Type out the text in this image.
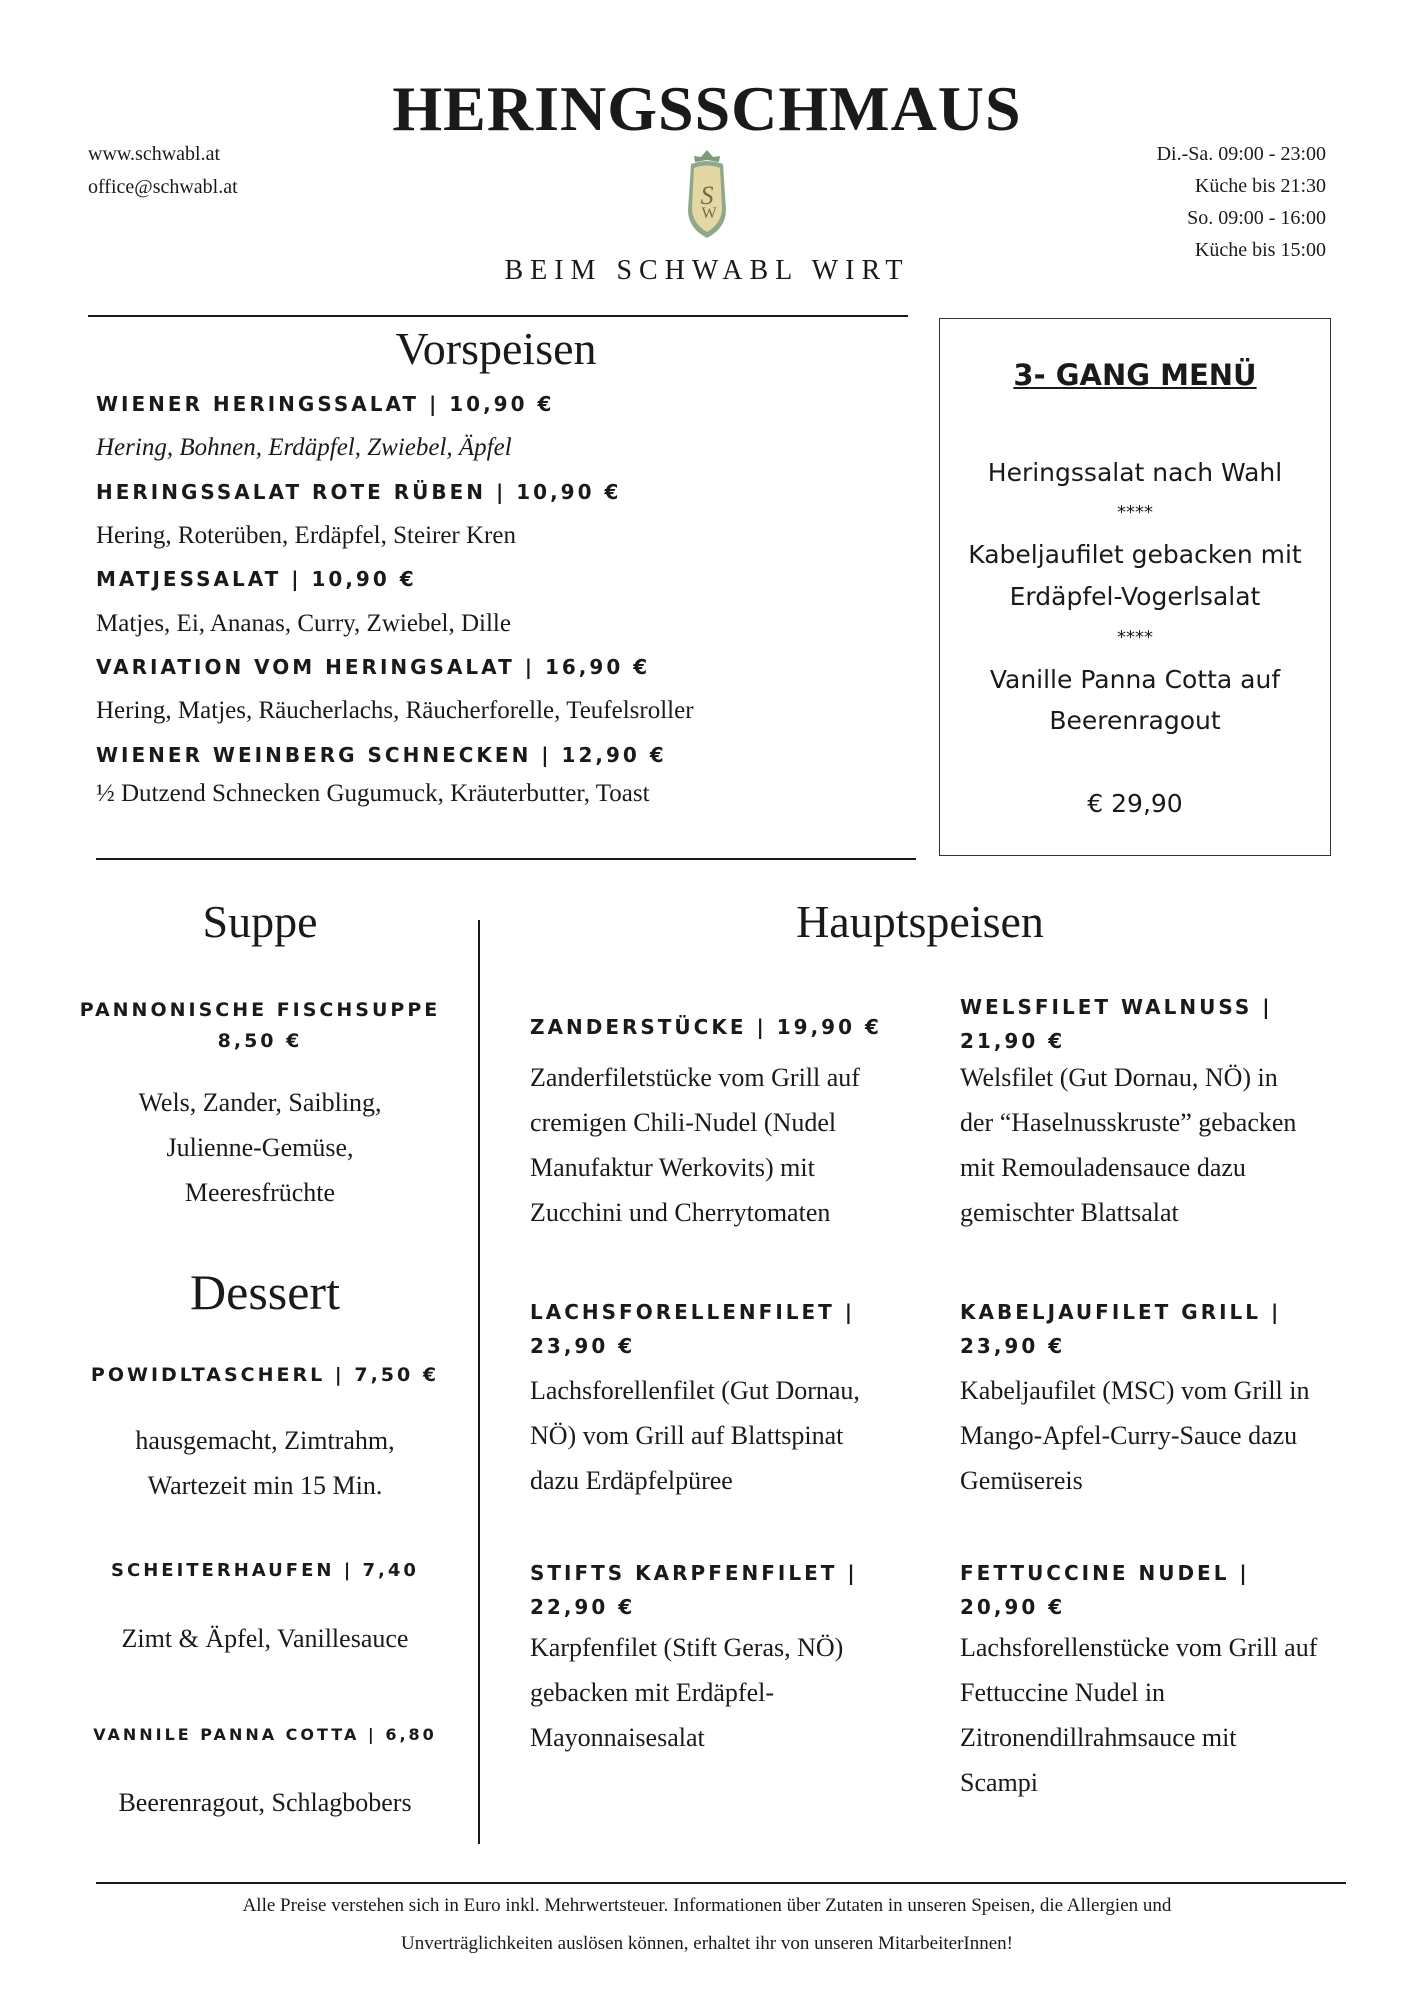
HERINGSSCHMAUS
www.schwabl.at
office@schwabl.at
Di.-Sa. 09:00 - 23:00
Küche bis 21:30
So. 09:00 - 16:00
Küche bis 15:00
S
W
BEIM SCHWABL WIRT
Vorspeisen
WIENER HERINGSSALAT | 10,90 €
Hering, Bohnen, Erdäpfel, Zwiebel, Äpfel
HERINGSSALAT ROTE RÜBEN | 10,90 €
Hering, Roterüben, Erdäpfel, Steirer Kren
MATJESSALAT | 10,90 €
Matjes, Ei, Ananas, Curry, Zwiebel, Dille
VARIATION VOM HERINGSALAT | 16,90 €
Hering, Matjes, Räucherlachs, Räucherforelle, Teufelsroller
WIENER WEINBERG SCHNECKEN | 12,90 €
½ Dutzend Schnecken Gugumuck, Kräuterbutter, Toast
3- GANG MENÜ
Heringssalat nach Wahl
****
Kabeljaufilet gebacken mit
Erdäpfel-Vogerlsalat
****
Vanille Panna Cotta auf
Beerenragout
€ 29,90
Suppe
PANNONISCHE FISCHSUPPE
8,50 €
Wels, Zander, Saibling,
Julienne-Gemüse,
Meeresfrüchte
Dessert
POWIDLTASCHERL | 7,50 €
hausgemacht, Zimtrahm,
Wartezeit min 15 Min.
SCHEITERHAUFEN | 7,40
Zimt & Äpfel, Vanillesauce
VANNILE PANNA COTTA | 6,80
Beerenragout, Schlagbobers
Hauptspeisen
ZANDERSTÜCKE | 19,90 €
Zanderfiletstücke vom Grill auf
cremigen Chili-Nudel (Nudel
Manufaktur Werkovits) mit
Zucchini und Cherrytomaten
WELSFILET WALNUSS |
21,90 €
Welsfilet (Gut Dornau, NÖ) in
der “Haselnusskruste” gebacken
mit Remouladensauce dazu
gemischter Blattsalat
LACHSFORELLENFILET |
23,90 €
Lachsforellenfilet (Gut Dornau,
NÖ) vom Grill auf Blattspinat
dazu Erdäpfelpüree
KABELJAUFILET GRILL |
23,90 €
Kabeljaufilet (MSC) vom Grill in
Mango-Apfel-Curry-Sauce dazu
Gemüsereis
STIFTS KARPFENFILET |
22,90 €
Karpfenfilet (Stift Geras, NÖ)
gebacken mit Erdäpfel-
Mayonnaisesalat
FETTUCCINE NUDEL |
20,90 €
Lachsforellenstücke vom Grill auf
Fettuccine Nudel in
Zitronendillrahmsauce mit
Scampi
Alle Preise verstehen sich in Euro inkl. Mehrwertsteuer. Informationen über Zutaten in unseren Speisen, die Allergien und
Unverträglichkeiten auslösen können, erhaltet ihr von unseren MitarbeiterInnen!
